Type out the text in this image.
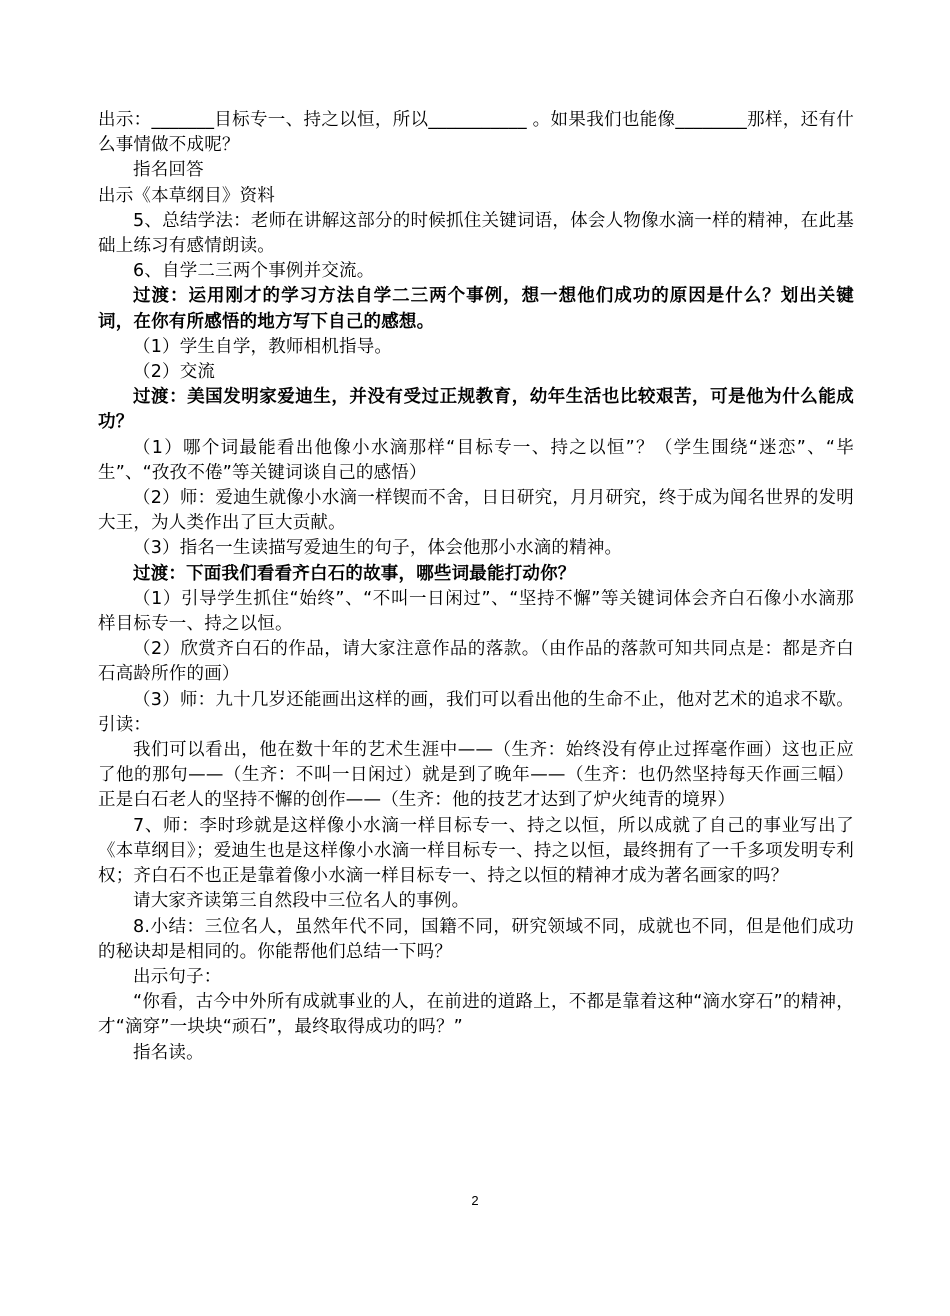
出示：_______目标专一、持之以恒，所以___________ 。如果我们也能像________那样，还有什么事情做不成呢？

指名回答

出示《本草纲目》资料

5、总结学法：老师在讲解这部分的时候抓住关键词语，体会人物像水滴一样的精神，在此基础上练习有感情朗读。

6、自学二三两个事例并交流。

过渡：运用刚才的学习方法自学二三两个事例，想一想他们成功的原因是什么？划出关键词，在你有所感悟的地方写下自己的感想。

（1）学生自学，教师相机指导。

（2）交流

过渡：美国发明家爱迪生，并没有受过正规教育，幼年生活也比较艰苦，可是他为什么能成功？

（1）哪个词最能看出他像小水滴那样“目标专一、持之以恒”？（学生围绕“迷恋”、“毕生”、“孜孜不倦”等关键词谈自己的感悟）

（2）师：爱迪生就像小水滴一样锲而不舍，日日研究，月月研究，终于成为闻名世界的发明大王，为人类作出了巨大贡献。

（3）指名一生读描写爱迪生的句子，体会他那小水滴的精神。

过渡：下面我们看看齐白石的故事，哪些词最能打动你？

（1）引导学生抓住“始终”、“不叫一日闲过”、“坚持不懈”等关键词体会齐白石像小水滴那样目标专一、持之以恒。

（2）欣赏齐白石的作品，请大家注意作品的落款。（由作品的落款可知共同点是：都是齐白石高龄所作的画）

（3）师：九十几岁还能画出这样的画，我们可以看出他的生命不止，他对艺术的追求不歇。引读：

我们可以看出，他在数十年的艺术生涯中——（生齐：始终没有停止过挥毫作画）这也正应了他的那句——（生齐：不叫一日闲过）就是到了晚年——（生齐：也仍然坚持每天作画三幅）正是白石老人的坚持不懈的创作——（生齐：他的技艺才达到了炉火纯青的境界）

7、师：李时珍就是这样像小水滴一样目标专一、持之以恒，所以成就了自己的事业写出了《本草纲目》；爱迪生也是这样像小水滴一样目标专一、持之以恒，最终拥有了一千多项发明专利权；齐白石不也正是靠着像小水滴一样目标专一、持之以恒的精神才成为著名画家的吗？

请大家齐读第三自然段中三位名人的事例。

8.小结：三位名人，虽然年代不同，国籍不同，研究领域不同，成就也不同，但是他们成功的秘诀却是相同的。你能帮他们总结一下吗？

出示句子：

“你看，古今中外所有成就事业的人，在前进的道路上，不都是靠着这种“滴水穿石”的精神，才“滴穿”一块块“顽石”，最终取得成功的吗？”

指名读。

2
